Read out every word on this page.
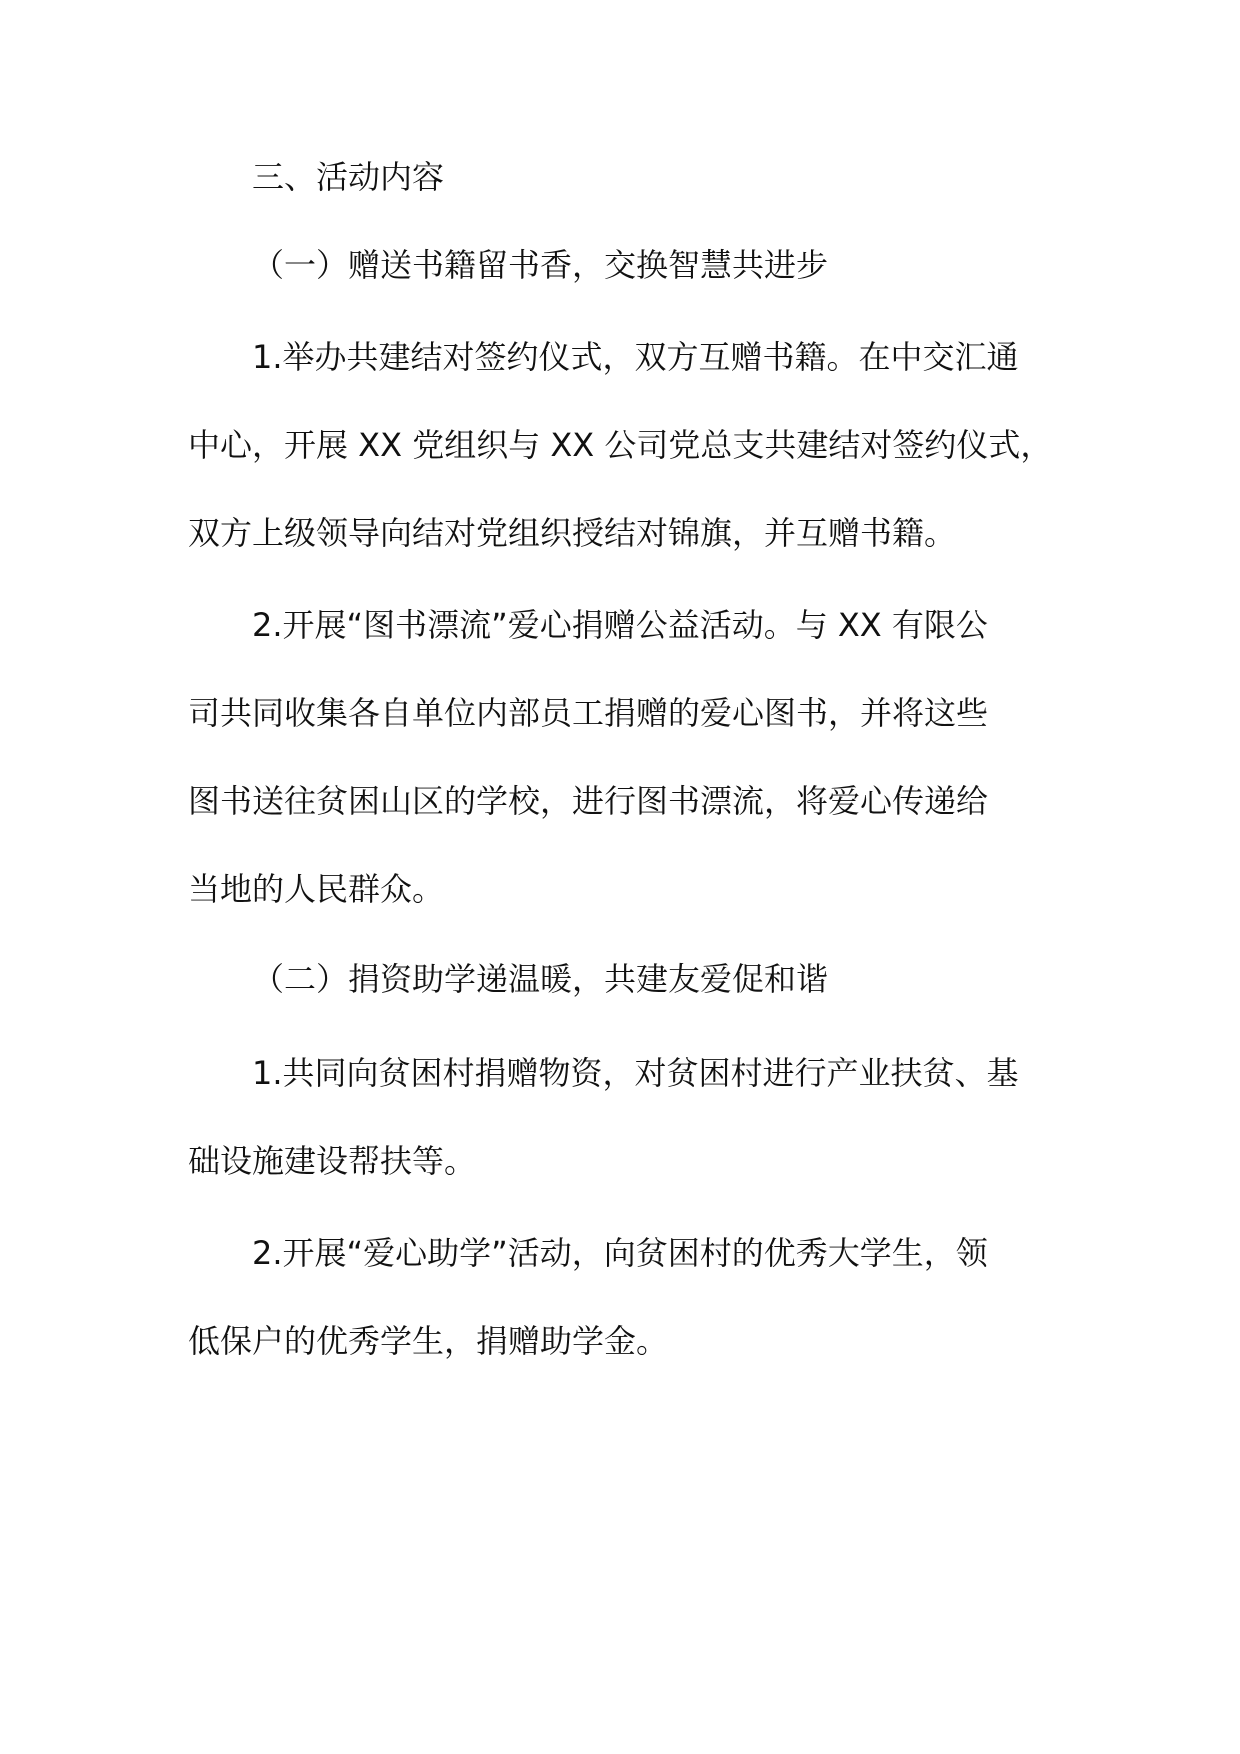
三、活动内容
（一）赠送书籍留书香，交换智慧共进步
1.举办共建结对签约仪式，双方互赠书籍。在中交汇通
中心，开展 XX 党组织与 XX 公司党总支共建结对签约仪式，
双方上级领导向结对党组织授结对锦旗，并互赠书籍。
2.开展“图书漂流”爱心捐赠公益活动。与 XX 有限公
司共同收集各自单位内部员工捐赠的爱心图书，并将这些
图书送往贫困山区的学校，进行图书漂流，将爱心传递给
当地的人民群众。
（二）捐资助学递温暖，共建友爱促和谐
1.共同向贫困村捐赠物资，对贫困村进行产业扶贫、基
础设施建设帮扶等。
2.开展“爱心助学”活动，向贫困村的优秀大学生，领
低保户的优秀学生，捐赠助学金。
